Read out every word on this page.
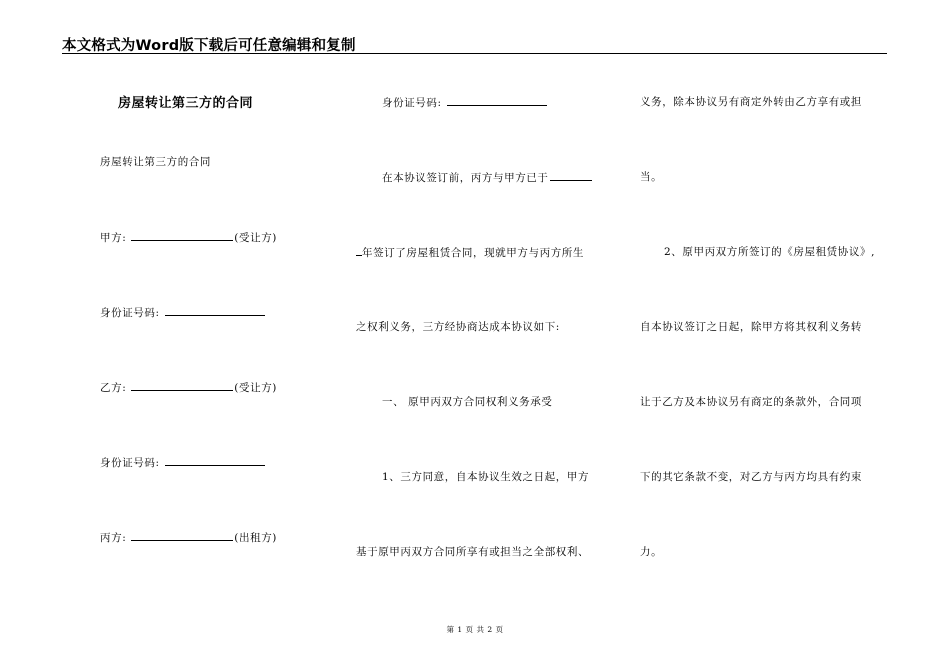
本文格式为Word版下载后可任意编辑和复制
房屋转让第三方的合同
房屋转让第三方的合同
甲方:	(受让方)
身份证号码:
乙方:	(受让方)
身份证号码:
丙方:	(出租方)
身份证号码:
在本协议签订前，丙方与甲方已于
年签订了房屋租赁合同，现就甲方与丙方所生
之权利义务，三方经协商达成本协议如下:
一、 原甲丙双方合同权利义务承受
1、三方同意，自本协议生效之日起，甲方
基于原甲丙双方合同所享有或担当之全部权利、
义务，除本协议另有商定外转由乙方享有或担
当。
2、原甲丙双方所签订的《房屋租赁协议》,
自本协议签订之日起，除甲方将其权利义务转
让于乙方及本协议另有商定的条款外，合同项
下的其它条款不变，对乙方与丙方均具有约束
力。
第 1 页 共 2 页
